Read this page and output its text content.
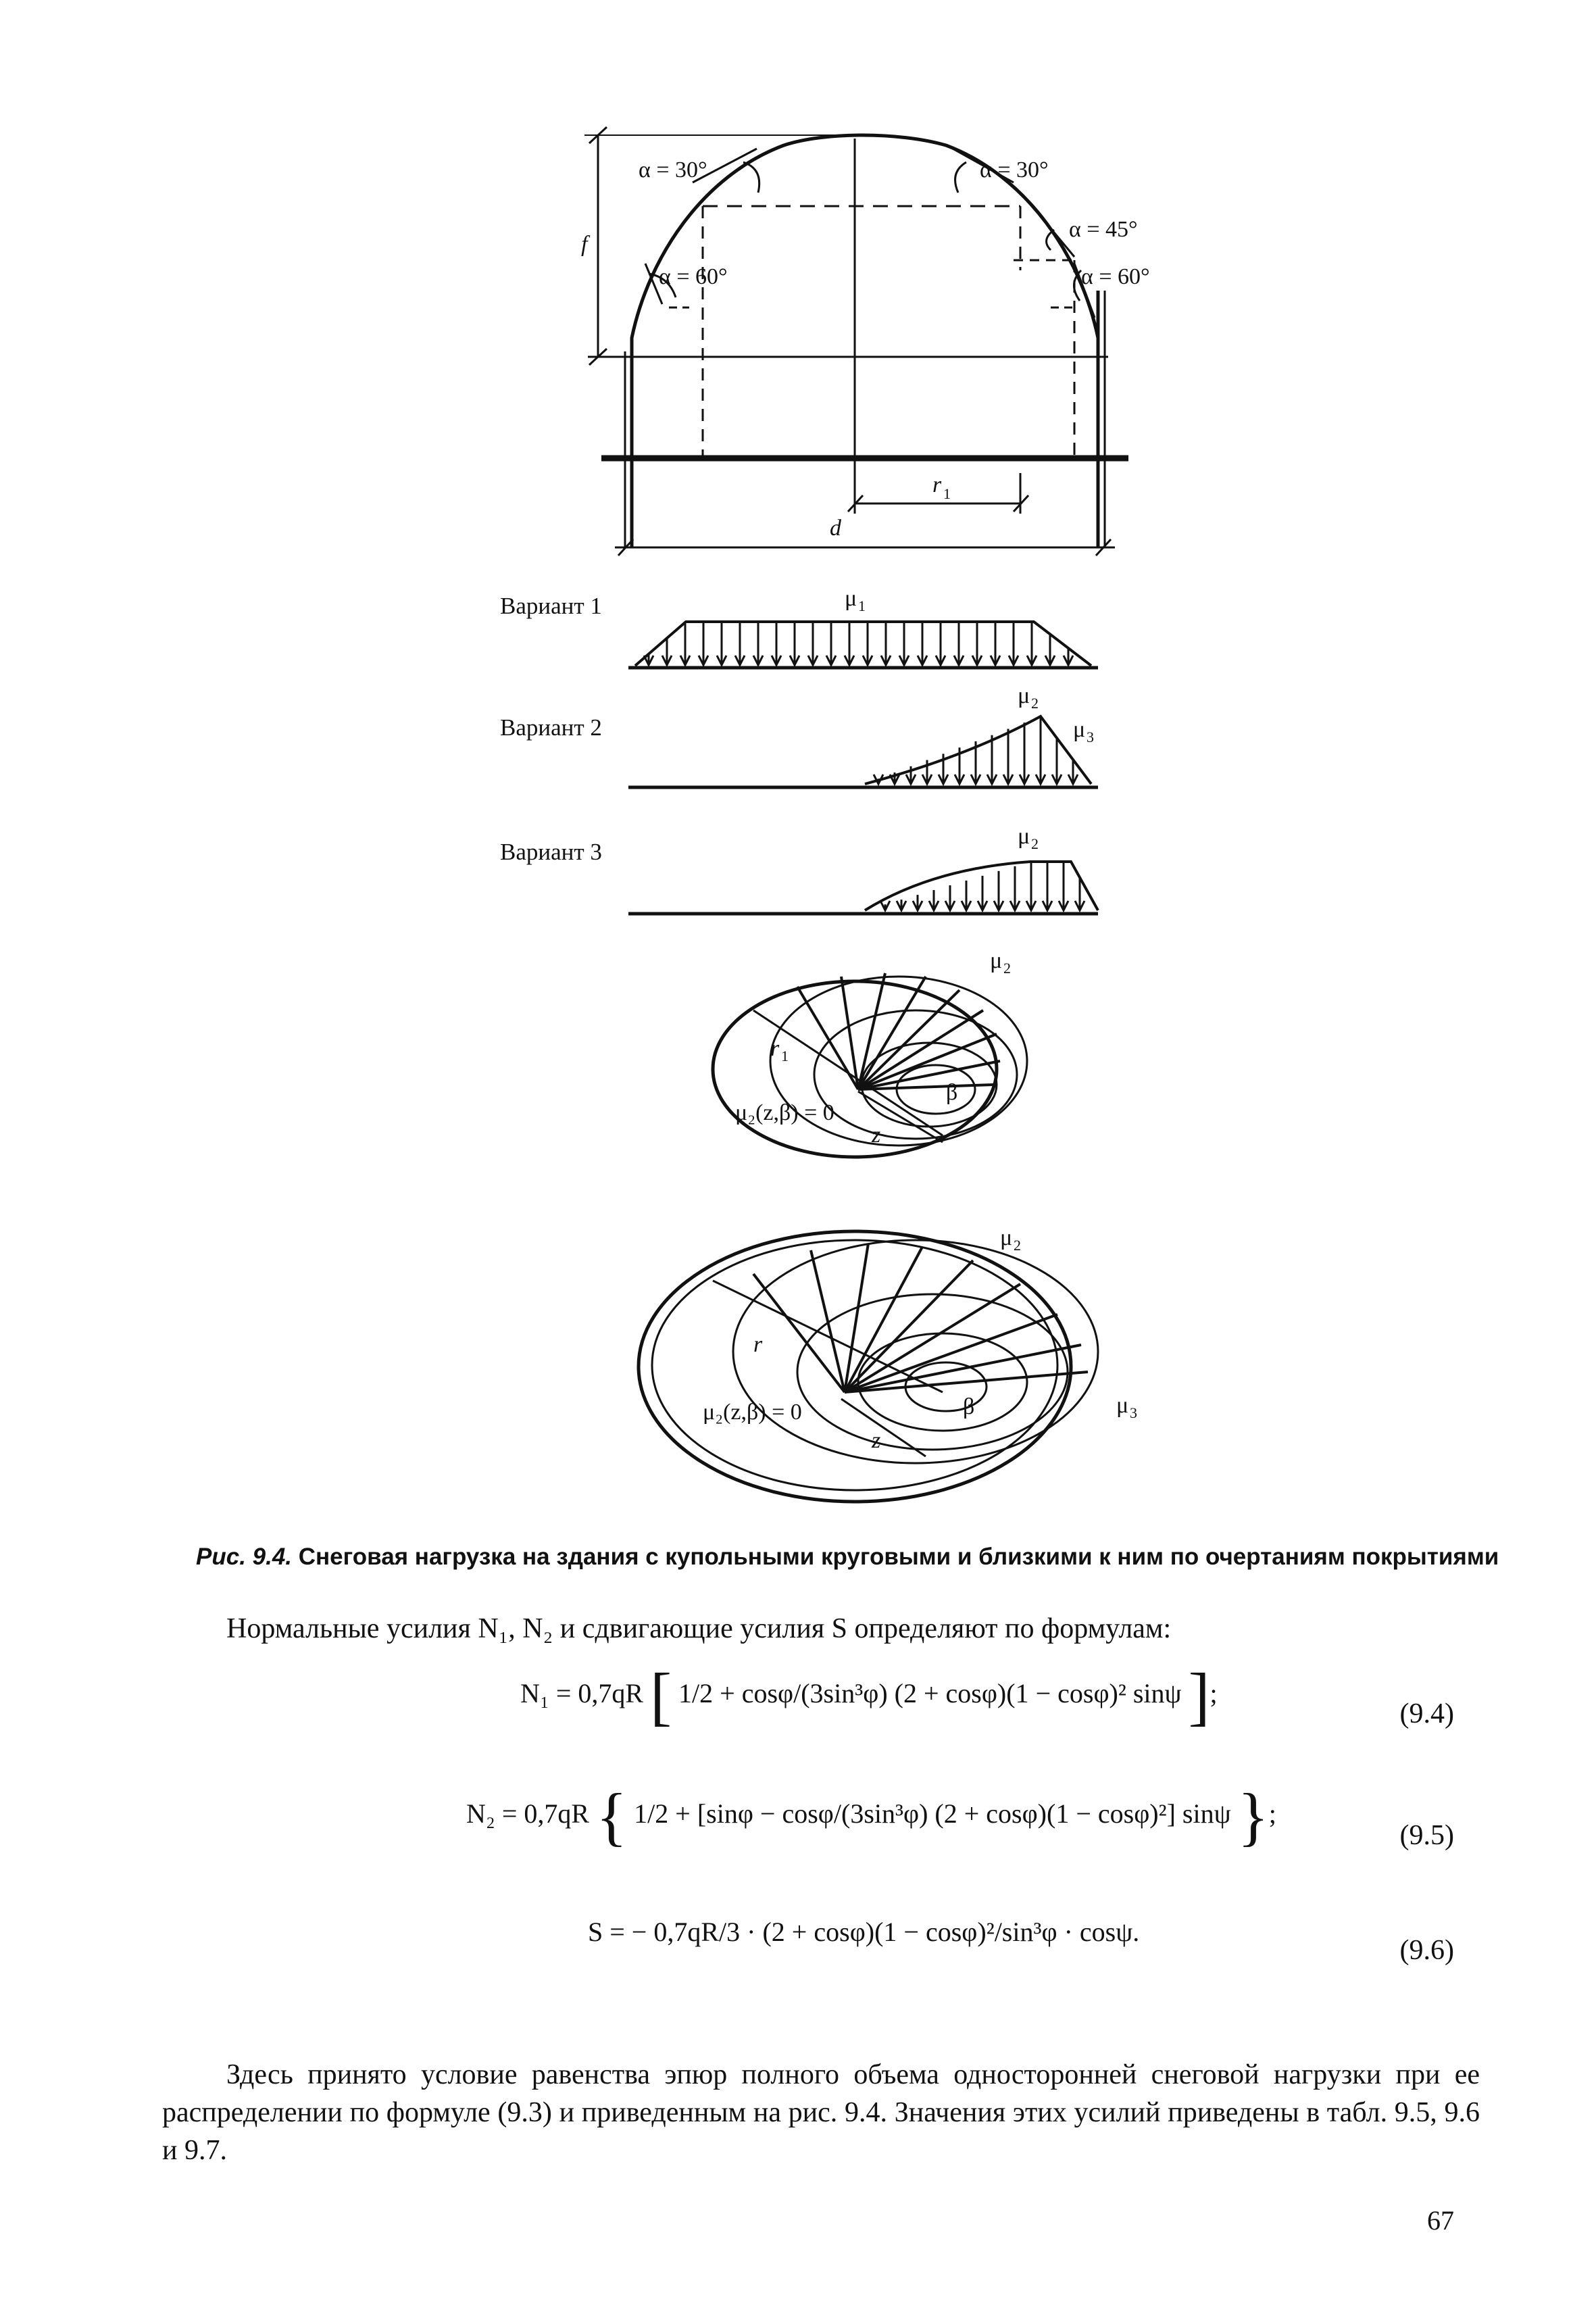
α = 30°	α = 30°
α = 60°
α = 45°
α = 60°
f
r 1
d
Вариант 1
Вариант 2
Вариант 3
μ 1
μ 2
μ 3
μ 2
μ 2
r 1
μ₂(z,β) = 0
z
β
μ 2
μ 3
r
μ₂(z,β) = 0
z
β
Рис. 9.4. Снеговая нагрузка на здания с купольными круговыми и близкими к ним по очертаниям покрытиями
Нормальные усилия N₁, N₂ и сдвигающие усилия S определяют по формулам:
N₁ = 0,7qR [ 1/2 + cosφ/(3sin³φ) (2 + cosφ)(1 − cosφ)² sinψ ];
(9.4)
N₂ = 0,7qR { 1/2 + [sinφ − cosφ/(3sin³φ) (2 + cosφ)(1 − cosφ)²] sinψ };
(9.5)
S = − 0,7qR/3 · (2 + cosφ)(1 − cosφ)²/sin³φ · cosψ.
(9.6)
Здесь принято условие равенства эпюр полного объема односторонней снеговой нагрузки при ее распределении по формуле (9.3) и приведенным на рис. 9.4. Значения этих усилий приведены в табл. 9.5, 9.6 и 9.7.
67
